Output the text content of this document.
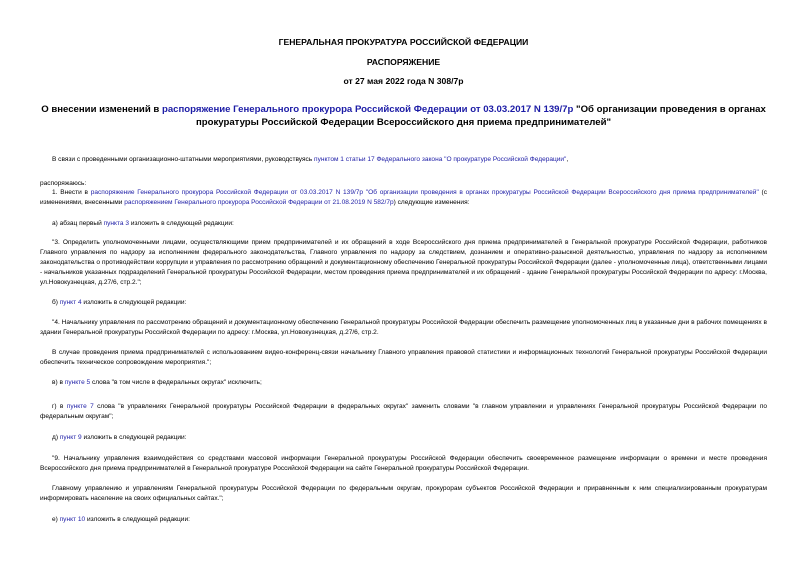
ГЕНЕРАЛЬНАЯ ПРОКУРАТУРА РОССИЙСКОЙ ФЕДЕРАЦИИ
РАСПОРЯЖЕНИЕ
от 27 мая 2022 года N 308/7р
О внесении изменений в распоряжение Генерального прокурора Российской Федерации от 03.03.2017 N 139/7р "Об организации проведения в органах прокуратуры Российской Федерации Всероссийского дня приема предпринимателей"
В связи с проведенными организационно-штатными мероприятиями, руководствуясь пунктом 1 статьи 17 Федерального закона "О прокуратуре Российской Федерации",
распоряжаюсь:
1. Внести в распоряжение Генерального прокурора Российской Федерации от 03.03.2017 N 139/7р "Об организации проведения в органах прокуратуры Российской Федерации Всероссийского дня приема предпринимателей" (с изменениями, внесенными распоряжением Генерального прокурора Российской Федерации от 21.08.2019 N 582/7р) следующие изменения:
а) абзац первый пункта 3 изложить в следующей редакции:
"3. Определить уполномоченными лицами, осуществляющими прием предпринимателей и их обращений в ходе Всероссийского дня приема предпринимателей в Генеральной прокуратуре Российской Федерации, работников Главного управления по надзору за исполнением федерального законодательства, Главного управления по надзору за следствием, дознанием и оперативно-разыскной деятельностью, управления по надзору за исполнением законодательства о противодействии коррупции и управления по рассмотрению обращений и документационному обеспечению Генеральной прокуратуры Российской Федерации (далее - уполномоченные лица), ответственными лицами - начальников указанных подразделений Генеральной прокуратуры Российской Федерации, местом проведения приема предпринимателей и их обращений - здание Генеральной прокуратуры Российской Федерации по адресу: г.Москва, ул.Новокузнецкая, д.27/6, стр.2.";
б) пункт 4 изложить в следующей редакции:
"4. Начальнику управления по рассмотрению обращений и документационному обеспечению Генеральной прокуратуры Российской Федерации обеспечить размещение уполномоченных лиц в указанные дни в рабочих помещениях в здании Генеральной прокуратуры Российской Федерации по адресу: г.Москва, ул.Новокузнецкая, д.27/6, стр.2.
В случае проведения приема предпринимателей с использованием видео-конференц-связи начальнику Главного управления правовой статистики и информационных технологий Генеральной прокуратуры Российской Федерации обеспечить техническое сопровождение мероприятия.";
в) в пункте 5 слова "в том числе в федеральных округах" исключить;
г) в пункте 7 слова "в управлениях Генеральной прокуратуры Российской Федерации в федеральных округах" заменить словами "в главном управлении и управлениях Генеральной прокуратуры Российской Федерации по федеральным округам";
д) пункт 9 изложить в следующей редакции:
"9. Начальнику управления взаимодействия со средствами массовой информации Генеральной прокуратуры Российской Федерации обеспечить своевременное размещение информации о времени и месте проведения Всероссийского дня приема предпринимателей в Генеральной прокуратуре Российской Федерации на сайте Генеральной прокуратуры Российской Федерации.
Главному управлению и управлениям Генеральной прокуратуры Российской Федерации по федеральным округам, прокурорам субъектов Российской Федерации и приравненным к ним специализированным прокуратурам информировать население на своих официальных сайтах.";
е) пункт 10 изложить в следующей редакции:
